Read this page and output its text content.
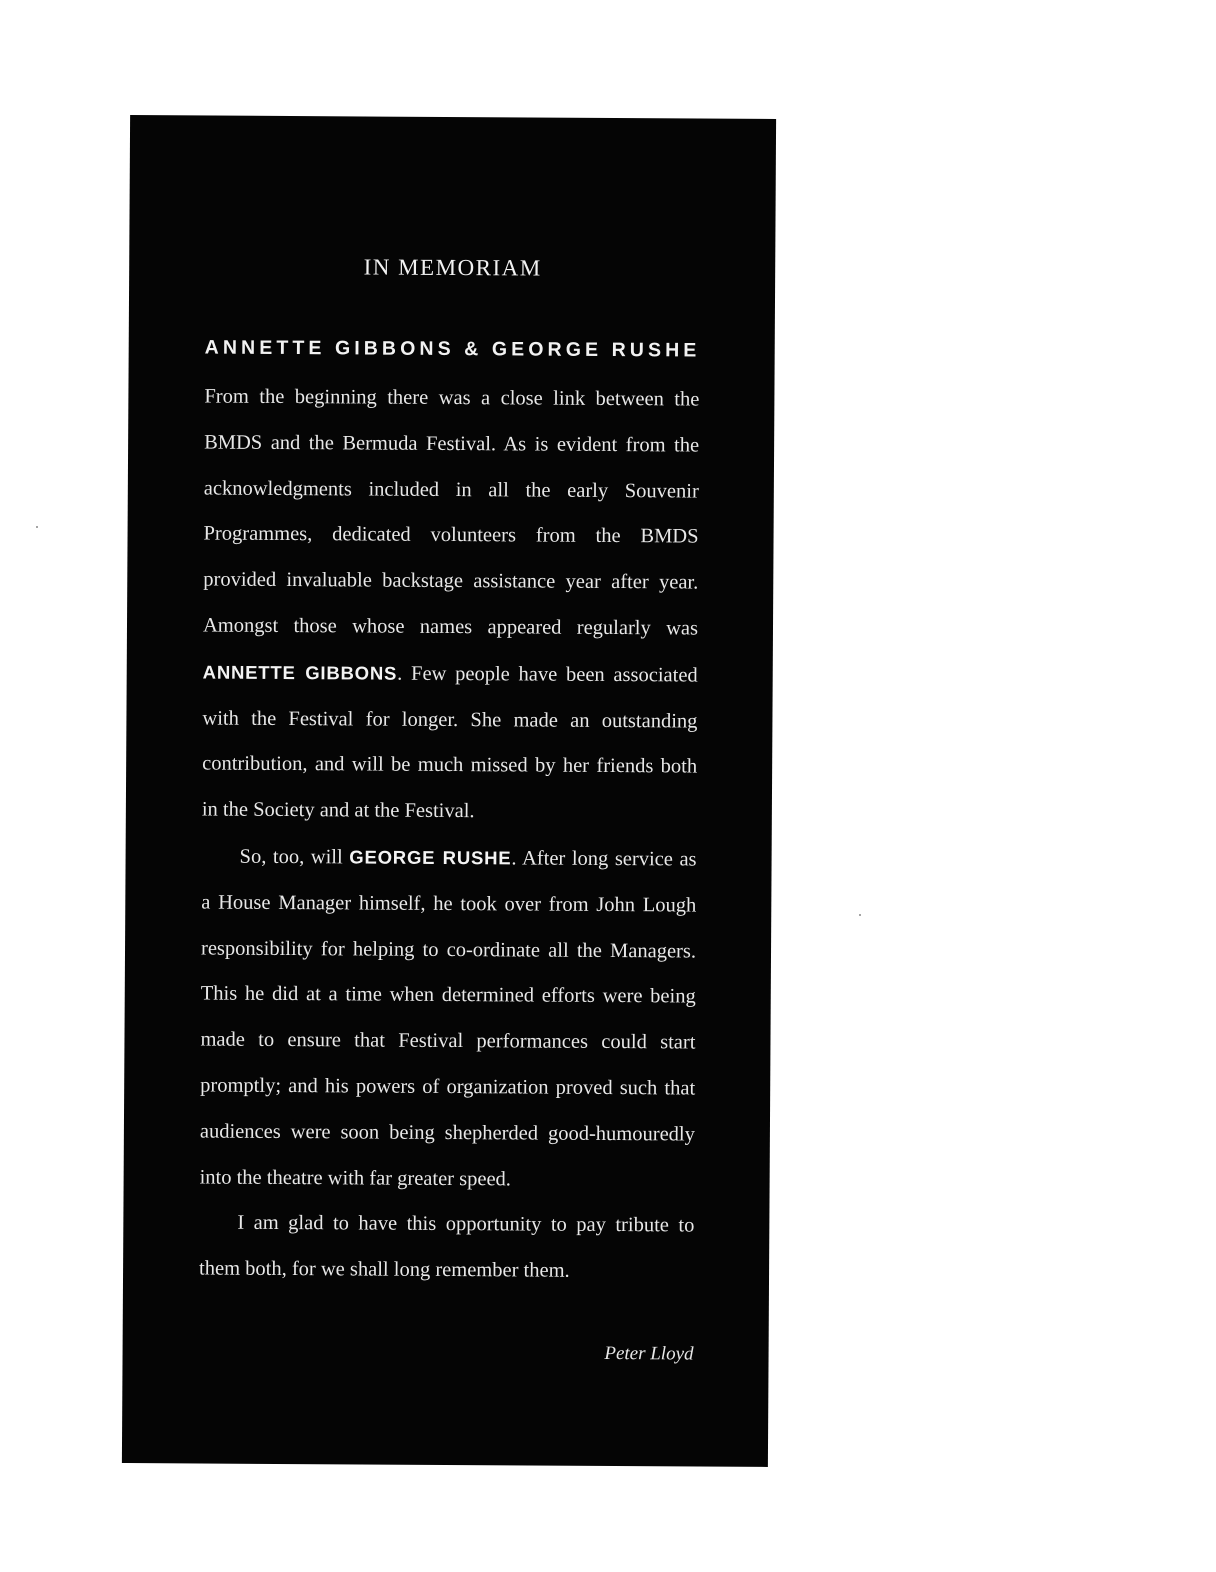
IN MEMORIAM
ANNETTE GIBBONS & GEORGE RUSHE

From the beginning there was a close link between the BMDS and the Bermuda Festival. As is evident from the acknowledgments included in all the early Souvenir Programmes, dedicated volunteers from the BMDS provided invaluable backstage assistance year after year. Amongst those whose names appeared regularly was ANNETTE GIBBONS. Few people have been associated with the Festival for longer. She made an outstanding contribution, and will be much missed by her friends both in the Society and at the Festival.

So, too, will GEORGE RUSHE. After long service as a House Manager himself, he took over from John Lough responsibility for helping to co-ordinate all the Managers. This he did at a time when determined efforts were being made to ensure that Festival performances could start promptly; and his powers of organization proved such that audiences were soon being shepherded good-humouredly into the theatre with far greater speed.

I am glad to have this opportunity to pay tribute to them both, for we shall long remember them.

Peter Lloyd
